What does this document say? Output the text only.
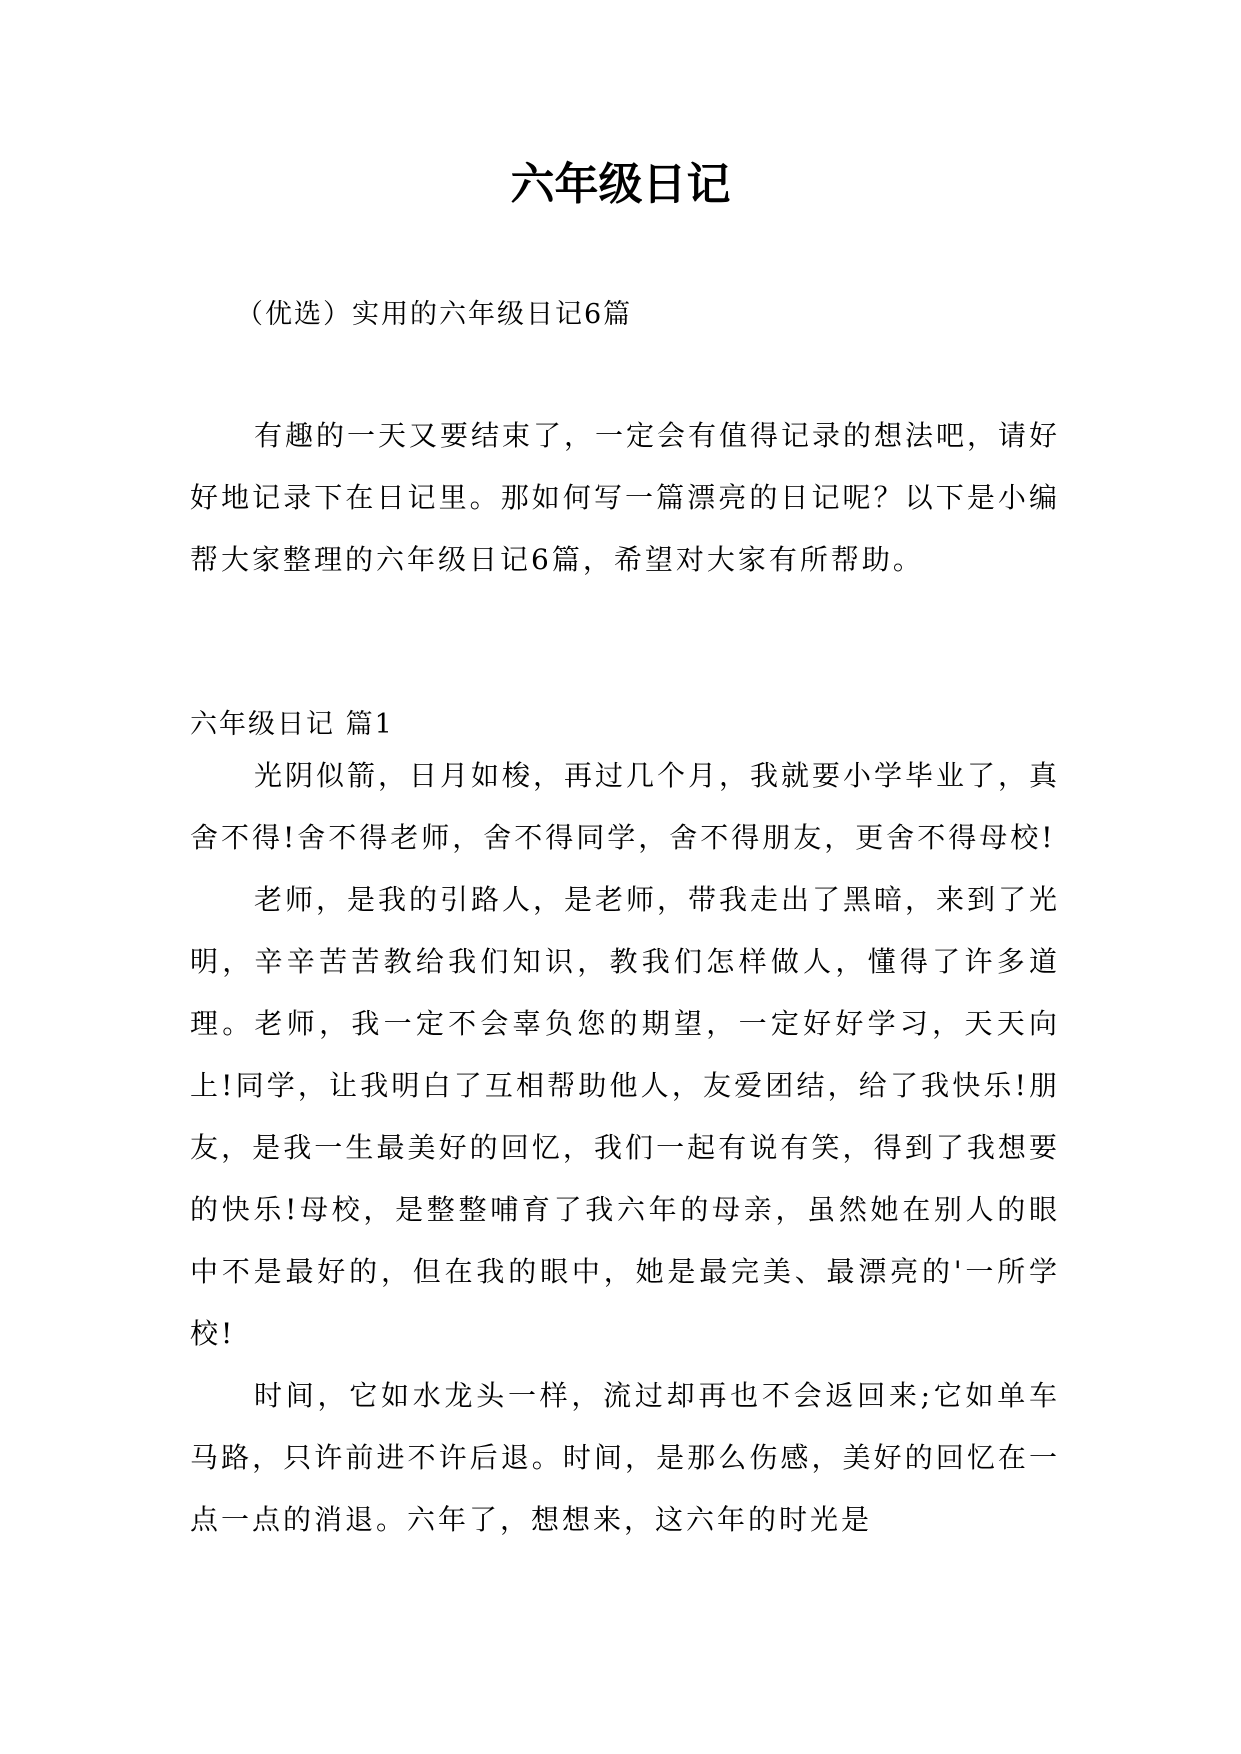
六年级日记

（优选）实用的六年级日记6篇

有趣的一天又要结束了，一定会有值得记录的想法吧，请好好地记录下在日记里。那如何写一篇漂亮的日记呢？以下是小编帮大家整理的六年级日记6篇，希望对大家有所帮助。

六年级日记 篇1

光阴似箭，日月如梭，再过几个月，我就要小学毕业了，真舍不得!舍不得老师，舍不得同学，舍不得朋友，更舍不得母校!

老师，是我的引路人，是老师，带我走出了黑暗，来到了光明，辛辛苦苦教给我们知识，教我们怎样做人，懂得了许多道理。老师，我一定不会辜负您的期望，一定好好学习，天天向上!同学，让我明白了互相帮助他人，友爱团结，给了我快乐!朋友，是我一生最美好的回忆，我们一起有说有笑，得到了我想要的快乐!母校，是整整哺育了我六年的母亲，虽然她在别人的眼中不是最好的，但在我的眼中，她是最完美、最漂亮的'一所学校!

时间，它如水龙头一样，流过却再也不会返回来;它如单车马路，只许前进不许后退。时间，是那么伤感，美好的回忆在一点一点的消退。六年了，想想来，这六年的时光是
